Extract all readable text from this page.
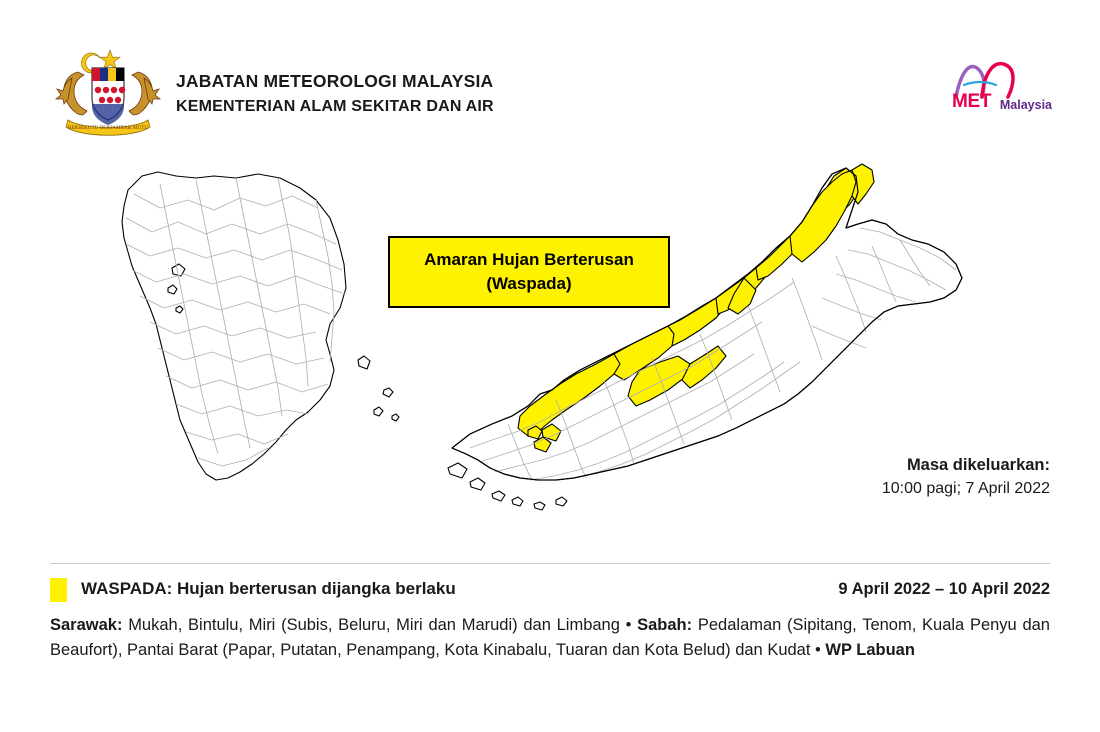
BERSEKUTU BERTAMBAH MUTU
JABATAN METEOROLOGI MALAYSIA
KEMENTERIAN ALAM SEKITAR DAN AIR	MET Malaysia
Amaran Hujan Berterusan
(Waspada)
Masa dikeluarkan:
10:00 pagi; 7 April 2022
WASPADA: Hujan berterusan dijangka berlaku	9 April 2022 – 10 April 2022
Sarawak: Mukah, Bintulu, Miri (Subis, Beluru, Miri dan Marudi) dan Limbang • Sabah: Pedalaman (Sipitang, Tenom, Kuala Penyu dan Beaufort), Pantai Barat (Papar, Putatan, Penampang, Kota Kinabalu, Tuaran dan Kota Belud) dan Kudat • WP Labuan
